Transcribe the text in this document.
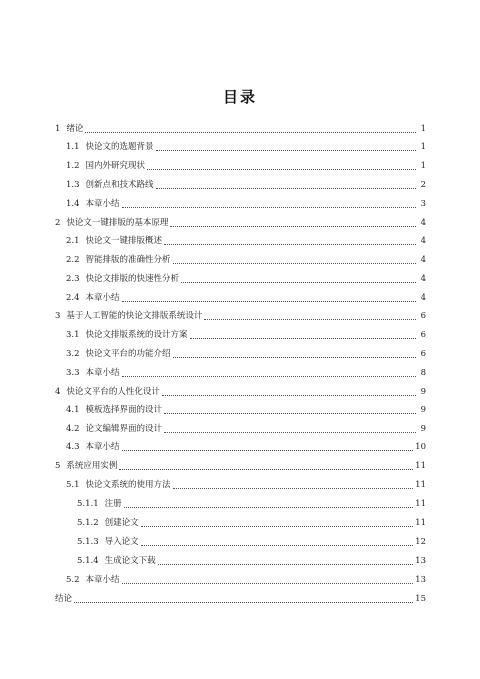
目录
1 绪论	1
1.1 快论文的选题背景	1
1.2 国内外研究现状	1
1.3 创新点和技术路线	2
1.4 本章小结	3
2 快论文一键排版的基本原理	4
2.1 快论文一键排版概述	4
2.2 智能排版的准确性分析	4
2.3 快论文排版的快速性分析	4
2.4 本章小结	4
3 基于人工智能的快论文排版系统设计	6
3.1 快论文排版系统的设计方案	6
3.2 快论文平台的功能介绍	6
3.3 本章小结	8
4 快论文平台的人性化设计	9
4.1 模板选择界面的设计	9
4.2 论文编辑界面的设计	9
4.3 本章小结	10
5 系统应用实例	11
5.1 快论文系统的使用方法	11
5.1.1 注册	11
5.1.2 创建论文	11
5.1.3 导入论文	12
5.1.4 生成论文下载	13
5.2 本章小结	13
结论	15
